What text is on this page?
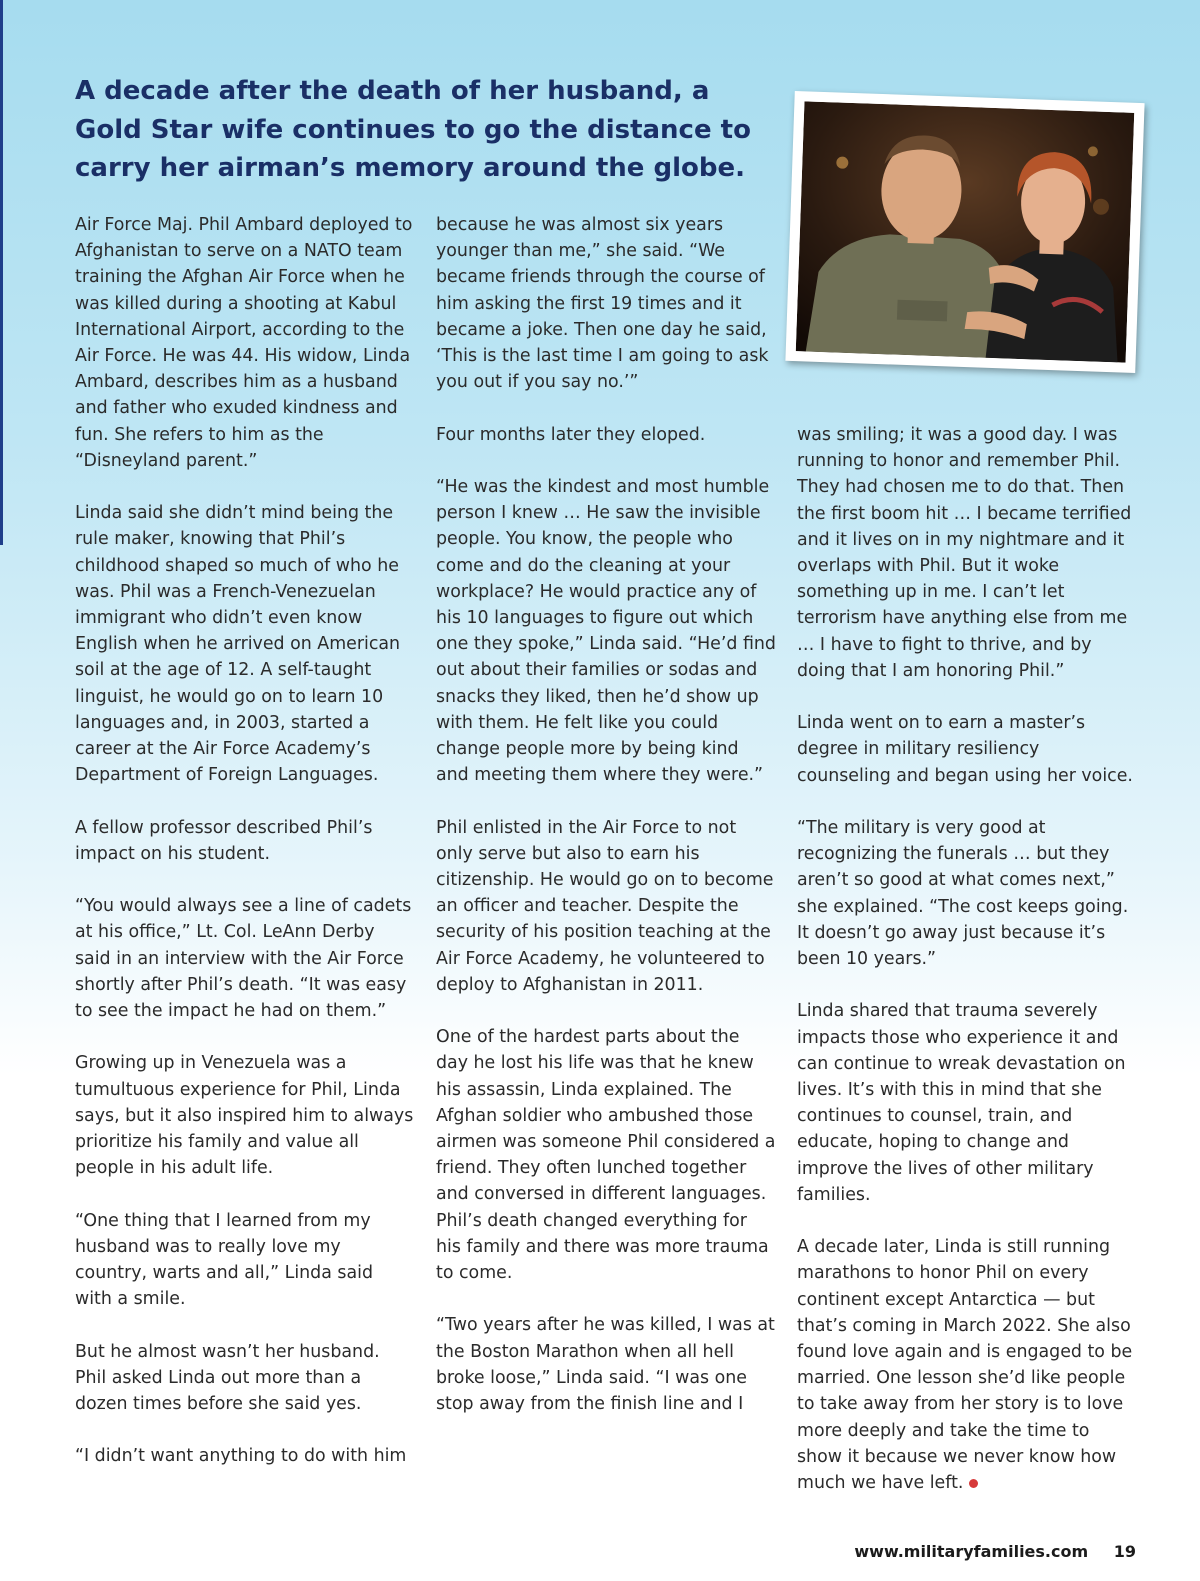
A decade after the death of her husband, a Gold Star wife continues to go the distance to carry her airman’s memory around the globe.

Air Force Maj. Phil Ambard deployed to Afghanistan to serve on a NATO team training the Afghan Air Force when he was killed during a shooting at Kabul International Airport, according to the Air Force. He was 44. His widow, Linda Ambard, describes him as a husband and father who exuded kindness and fun. She refers to him as the “Disneyland parent.”

Linda said she didn’t mind being the rule maker, knowing that Phil’s childhood shaped so much of who he was. Phil was a French-Venezuelan immigrant who didn’t even know English when he arrived on American soil at the age of 12. A self-taught linguist, he would go on to learn 10 languages and, in 2003, started a career at the Air Force Academy’s Department of Foreign Languages.

A fellow professor described Phil’s impact on his student.

“You would always see a line of cadets at his office,” Lt. Col. LeAnn Derby said in an interview with the Air Force shortly after Phil’s death. “It was easy to see the impact he had on them.”

Growing up in Venezuela was a tumultuous experience for Phil, Linda says, but it also inspired him to always prioritize his family and value all people in his adult life.

“One thing that I learned from my husband was to really love my country, warts and all,” Linda said with a smile.

But he almost wasn’t her husband. Phil asked Linda out more than a dozen times before she said yes.

“I didn’t want anything to do with him

because he was almost six years younger than me,” she said. “We became friends through the course of him asking the first 19 times and it became a joke. Then one day he said, ‘This is the last time I am going to ask you out if you say no.’”

Four months later they eloped.

“He was the kindest and most humble person I knew … He saw the invisible people. You know, the people who come and do the cleaning at your workplace? He would practice any of his 10 languages to figure out which one they spoke,” Linda said. “He’d find out about their families or sodas and snacks they liked, then he’d show up with them. He felt like you could change people more by being kind and meeting them where they were.”

Phil enlisted in the Air Force to not only serve but also to earn his citizenship. He would go on to become an officer and teacher. Despite the security of his position teaching at the Air Force Academy, he volunteered to deploy to Afghanistan in 2011.

One of the hardest parts about the day he lost his life was that he knew his assassin, Linda explained. The Afghan soldier who ambushed those airmen was someone Phil considered a friend. They often lunched together and conversed in different languages. Phil’s death changed everything for his family and there was more trauma to come.

“Two years after he was killed, I was at the Boston Marathon when all hell broke loose,” Linda said. “I was one stop away from the finish line and I

was smiling; it was a good day. I was running to honor and remember Phil. They had chosen me to do that. Then the first boom hit … I became terrified and it lives on in my nightmare and it overlaps with Phil. But it woke something up in me. I can’t let terrorism have anything else from me … I have to fight to thrive, and by doing that I am honoring Phil.”

Linda went on to earn a master’s degree in military resiliency counseling and began using her voice.

“The military is very good at recognizing the funerals … but they aren’t so good at what comes next,” she explained. “The cost keeps going. It doesn’t go away just because it’s been 10 years.”

Linda shared that trauma severely impacts those who experience it and can continue to wreak devastation on lives. It’s with this in mind that she continues to counsel, train, and educate, hoping to change and improve the lives of other military families.

A decade later, Linda is still running marathons to honor Phil on every continent except Antarctica — but that’s coming in March 2022. She also found love again and is engaged to be married. One lesson she’d like people to take away from her story is to love more deeply and take the time to show it because we never know how much we have left.

www.militaryfamilies.com 19
